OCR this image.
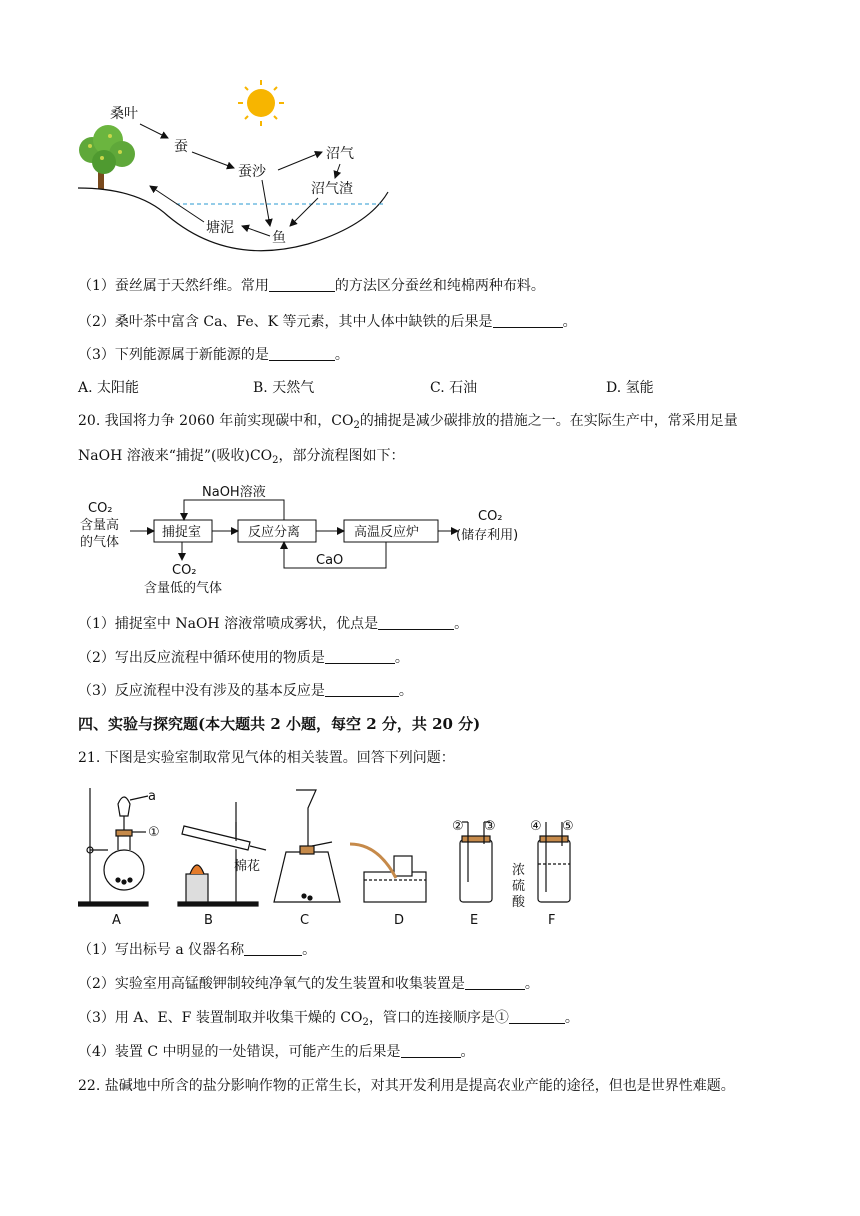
桑叶
蚕
蚕沙
沼气
沼气渣
塘泥
鱼
（1）蚕丝属于天然纤维。常用	的方法区分蚕丝和纯棉两种布料。
（2）桑叶茶中富含 Ca、Fe、K 等元素，其中人体中缺铁的后果是	。
（3）下列能源属于新能源的是	。
A. 太阳能	B. 天然气	C. 石油	D. 氢能
20. 我国将力争 2060 年前实现碳中和，$CO_2$的捕捉是减少碳排放的措施之一。在实际生产中，常采用足量
NaOH 溶液来“捕捉”(吸收)$CO_2$，部分流程图如下：
CO₂
含量高
的气体
NaOH溶液
捕捉室	反应分离	高温反应炉
CO₂
(储存利用)
CaO
CO₂
含量低的气体
（1）捕捉室中 NaOH 溶液常喷成雾状，优点是	。
（2）写出反应流程中循环使用的物质是	。
（3）反应流程中没有涉及的基本反应是	。
四、实验与探究题(本大题共 2 小题，每空 2 分，共 20 分)
21. 下图是实验室制取常见气体的相关装置。回答下列问题：
a
①
棉花
② ③	④ ⑤
浓
硫
酸
A	B	C	D	E	F
（1）写出标号 a 仪器名称	。
（2）实验室用高锰酸钾制较纯净氧气的发生装置和收集装置是	。
（3）用 A、E、F 装置制取并收集干燥的 $CO_2$，管口的连接顺序是①	。
（4）装置 C 中明显的一处错误，可能产生的后果是	。
22. 盐碱地中所含的盐分影响作物的正常生长，对其开发利用是提高农业产能的途径，但也是世界性难题。
